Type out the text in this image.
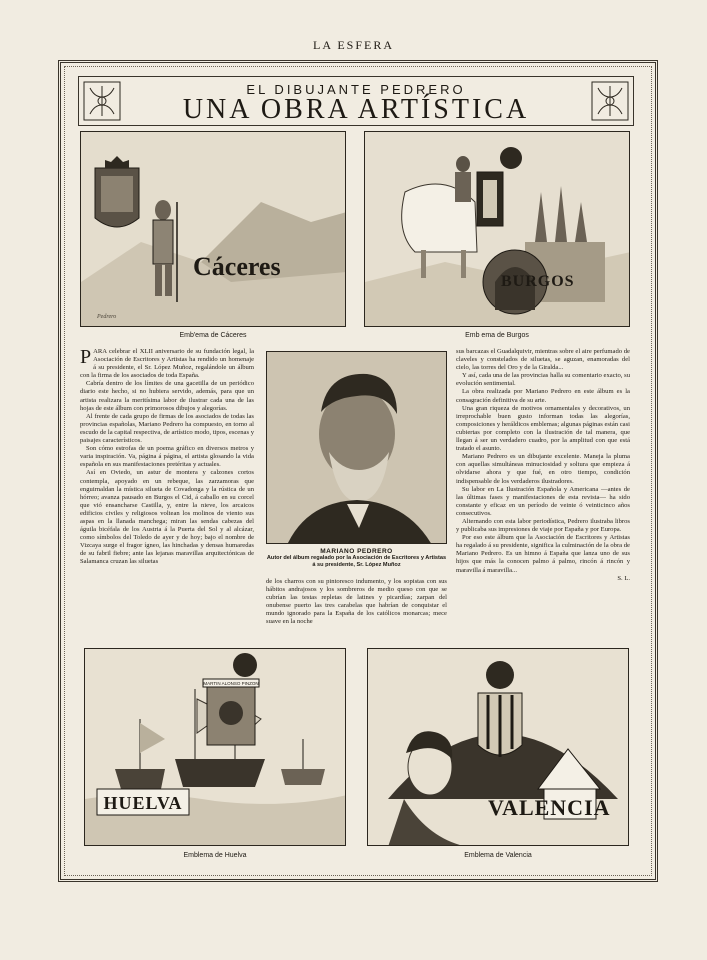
LA ESFERA
EL DIBUJANTE PEDRERO
UNA OBRA ARTÍSTICA
Cáceres
Pedrero
Emb'ema de Cáceres
BURGOS
Emb ema de Burgos

PARA celebrar el XLII aniversario de su fundación legal, la Asociación de Escritores y Artistas ha rendido un homenaje á su presidente, el Sr. López Muñoz, regalándole un álbum con la firma de los asociados de toda España.

Cabría dentro de los límites de una gacetilla de un periódico diario este hecho, si no hubiera servido, además, para que un artista realizara la meritísima labor de ilustrar cada una de las hojas de este álbum con primorosos dibujos y alegorías.

Al frente de cada grupo de firmas de los asociados de todas las provincias españolas, Mariano Pedrero ha compuesto, en torno al escudo de la capital respectiva, de artístico modo, tipos, escenas y paisajes característicos.

Son cómo estrofas de un poema gráfico en diversos metros y varia inspiración. Va, página á página, el artista glosando la vida española en sus manifestaciones pretéritas y actuales.

Así en Oviedo, un astur de montera y calzones cortos contempla, apoyado en un rebeque, las zarzamoras que enguirnaldan la mística silueta de Covadonga y la rústica de un hórreo; avanza pausado en Burgos el Cid, á caballo en su corcel que vió ensancharse Castilla, y, entre la nieve, los arcaicos edificios civiles y religiosos voltean los molinos de viento sus aspas en la llanada manchega; miran las sendas cabezas del águila bicéfala de los Austria á la Puerta del Sol y al alcázar, como símbolos del Toledo de ayer y de hoy; bajo el nombre de Vizcaya surge el fragor ígneo, las hinchadas y densas humaredas de su fabril fiebre; ante las lejanas maravillas arquitectónicas de Salamanca cruzan las siluetas

MARIANO PEDRERO
Autor del álbum regalado por la Asociación de Escritores y Artistas á su presidente, Sr. López Muñoz

de los charros con su pintoresco indumento, y los sopistas con sus hábitos andrajosos y los sombreros de medio queso con que se cubrían las testas repletas de latines y picardías; zarpan del onubense puerto las tres carabelas que habrían de conquistar el mundo ignorado para la España de los católicos monarcas; mece suave en la noche

sus barcazas el Guadalquivir, mientras sobre el aire perfumado de claveles y constelados de siluetas, se aguzan, enamoradas del cielo, las torres del Oro y de la Giralda...

Y así, cada una de las provincias halla su comentario exacto, su evolución sentimental.

La obra realizada por Mariano Pedrero en este álbum es la consagración definitiva de su arte.

Una gran riqueza de motivos ornamentales y decorativos, un irreprochable buen gusto informan todas las alegorías, composiciones y heráldicos emblemas; algunas páginas están casi cubiertas por completo con la ilustración de tal manera, que llegan á ser un verdadero cuadro, por la amplitud con que está tratado el asunto.

Mariano Pedrero es un dibujante excelente. Maneja la pluma con aquellas simultáneas minuciosidad y soltura que empieza á olvidarse ahora y que fué, en otro tiempo, condición indispensable de los verdaderos ilustradores.

Su labor en La Ilustración Española y Americana —antes de las últimas fases y manifestaciones de esta revista— ha sido constante y eficaz en un período de veinte ó veinticinco años consecutivos.

Alternando con esta labor periodística, Pedrero ilustraba libros y publicaba sus impresiones de viaje por España y por Europa.

Por eso este álbum que la Asociación de Escritores y Artistas ha regalado á su presidente, significa la culminación de la obra de Mariano Pedrero. Es un himno á España que lanza uno de sus hijos que más la conocen palmo á palmo, rincón á rincón y maravilla á maravilla...

S. L.

MARTIN ALONSO PINZON
HUELVA
Emblema de Huelva
VALENCIA
Emblema de Valencia
